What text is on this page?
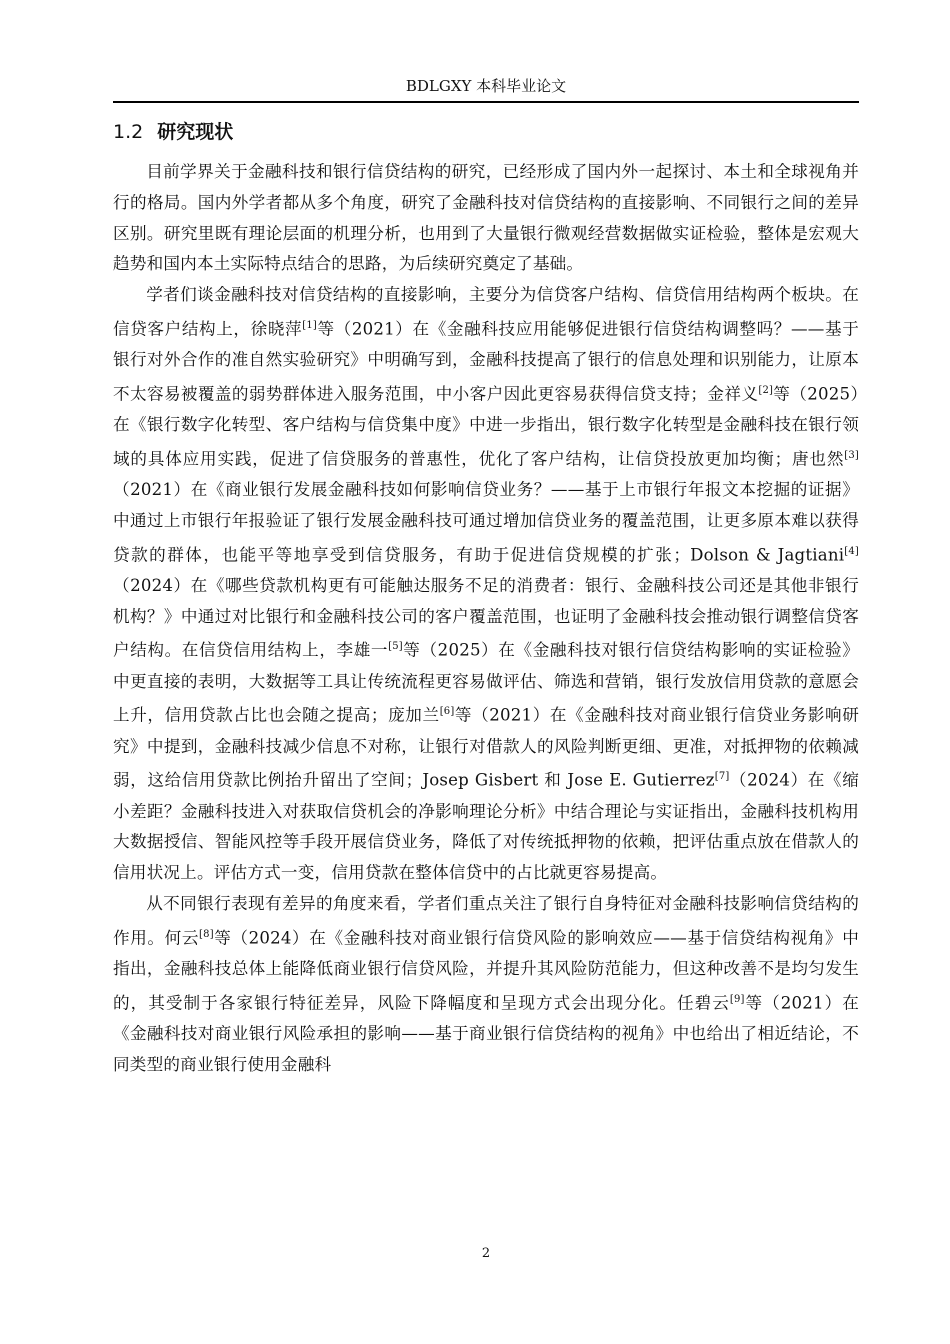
BDLGXY 本科毕业论文
1.2 研究现状

目前学界关于金融科技和银行信贷结构的研究，已经形成了国内外一起探讨、本土和全球视角并行的格局。国内外学者都从多个角度，研究了金融科技对信贷结构的直接影响、不同银行之间的差异区别。研究里既有理论层面的机理分析，也用到了大量银行微观经营数据做实证检验，整体是宏观大趋势和国内本土实际特点结合的思路，为后续研究奠定了基础。

学者们谈金融科技对信贷结构的直接影响，主要分为信贷客户结构、信贷信用结构两个板块。在信贷客户结构上，徐晓萍[1]等（2021）在《金融科技应用能够促进银行信贷结构调整吗？——基于银行对外合作的准自然实验研究》中明确写到，金融科技提高了银行的信息处理和识别能力，让原本不太容易被覆盖的弱势群体进入服务范围，中小客户因此更容易获得信贷支持；金祥义[2]等（2025）在《银行数字化转型、客户结构与信贷集中度》中进一步指出，银行数字化转型是金融科技在银行领域的具体应用实践，促进了信贷服务的普惠性，优化了客户结构，让信贷投放更加均衡；唐也然[3]（2021）在《商业银行发展金融科技如何影响信贷业务？——基于上市银行年报文本挖掘的证据》中通过上市银行年报验证了银行发展金融科技可通过增加信贷业务的覆盖范围，让更多原本难以获得贷款的群体，也能平等地享受到信贷服务，有助于促进信贷规模的扩张；Dolson & Jagtiani[4]（2024）在《哪些贷款机构更有可能触达服务不足的消费者：银行、金融科技公司还是其他非银行机构？》中通过对比银行和金融科技公司的客户覆盖范围，也证明了金融科技会推动银行调整信贷客户结构。在信贷信用结构上，李雄一[5]等（2025）在《金融科技对银行信贷结构影响的实证检验》中更直接的表明，大数据等工具让传统流程更容易做评估、筛选和营销，银行发放信用贷款的意愿会上升，信用贷款占比也会随之提高；庞加兰[6]等（2021）在《金融科技对商业银行信贷业务影响研究》中提到，金融科技减少信息不对称，让银行对借款人的风险判断更细、更准，对抵押物的依赖减弱，这给信用贷款比例抬升留出了空间；Josep Gisbert 和 Jose E. Gutierrez[7]（2024）在《缩小差距？金融科技进入对获取信贷机会的净影响理论分析》中结合理论与实证指出，金融科技机构用大数据授信、智能风控等手段开展信贷业务，降低了对传统抵押物的依赖，把评估重点放在借款人的信用状况上。评估方式一变，信用贷款在整体信贷中的占比就更容易提高。

从不同银行表现有差异的角度来看，学者们重点关注了银行自身特征对金融科技影响信贷结构的作用。何云[8]等（2024）在《金融科技对商业银行信贷风险的影响效应——基于信贷结构视角》中指出，金融科技总体上能降低商业银行信贷风险，并提升其风险防范能力，但这种改善不是均匀发生的，其受制于各家银行特征差异，风险下降幅度和呈现方式会出现分化。任碧云[9]等（2021）在《金融科技对商业银行风险承担的影响——基于商业银行信贷结构的视角》中也给出了相近结论，不同类型的商业银行使用金融科

2
